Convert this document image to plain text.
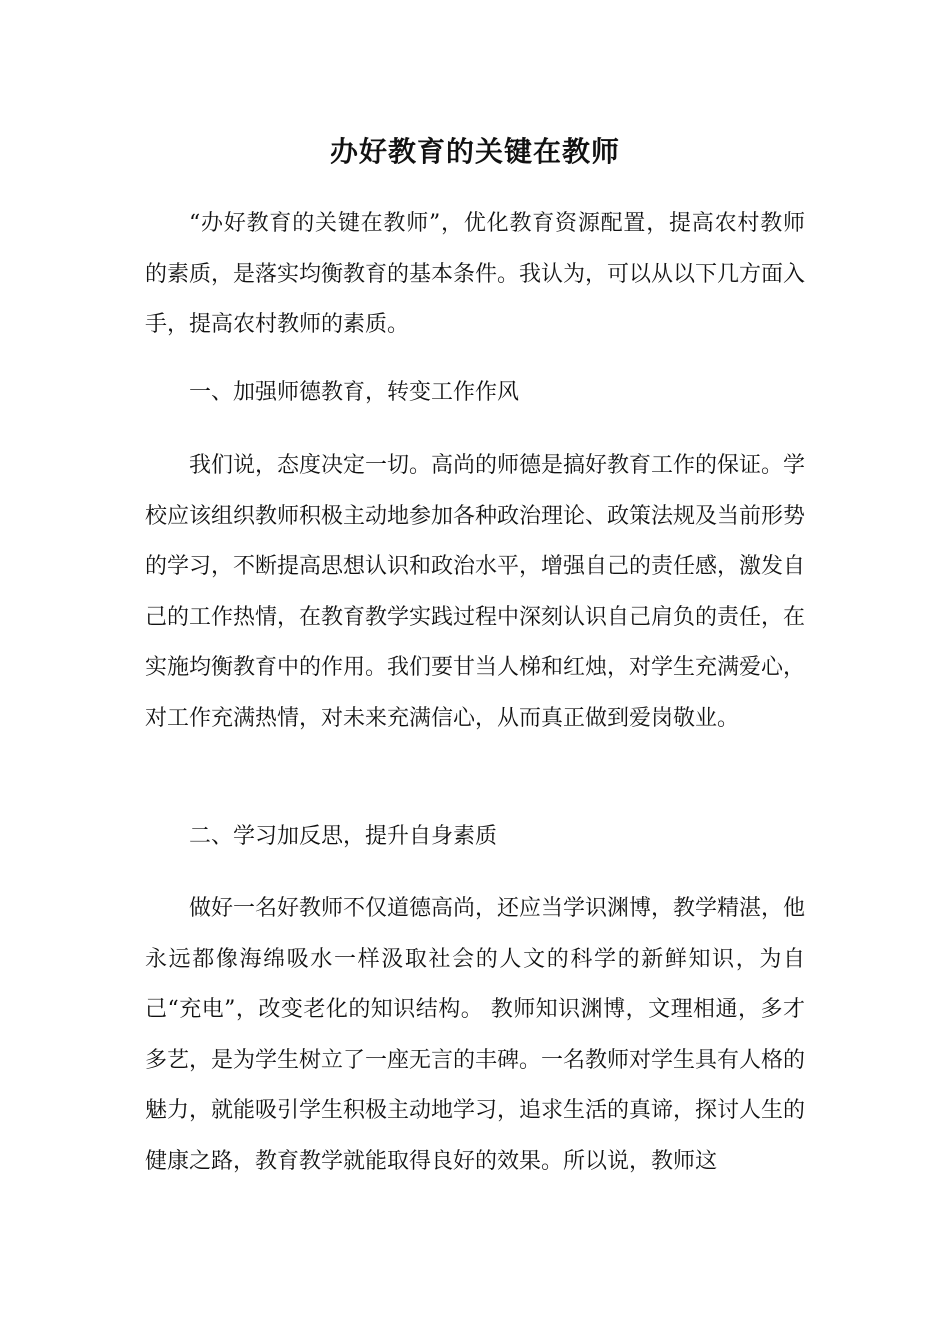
办好教育的关键在教师

“办好教育的关键在教师”，优化教育资源配置，提高农村教师的素质，是落实均衡教育的基本条件。我认为，可以从以下几方面入手，提高农村教师的素质。

一、加强师德教育，转变工作作风

我们说，态度决定一切。高尚的师德是搞好教育工作的保证。学校应该组织教师积极主动地参加各种政治理论、政策法规及当前形势的学习，不断提高思想认识和政治水平，增强自己的责任感，激发自己的工作热情，在教育教学实践过程中深刻认识自己肩负的责任，在实施均衡教育中的作用。我们要甘当人梯和红烛，对学生充满爱心，对工作充满热情，对未来充满信心，从而真正做到爱岗敬业。

二、学习加反思，提升自身素质

做好一名好教师不仅道德高尚，还应当学识渊博，教学精湛，他永远都像海绵吸水一样汲取社会的人文的科学的新鲜知识，为自己“充电”，改变老化的知识结构。 教师知识渊博，文理相通，多才多艺，是为学生树立了一座无言的丰碑。一名教师对学生具有人格的魅力，就能吸引学生积极主动地学习，追求生活的真谛，探讨人生的健康之路，教育教学就能取得良好的效果。所以说，教师这
